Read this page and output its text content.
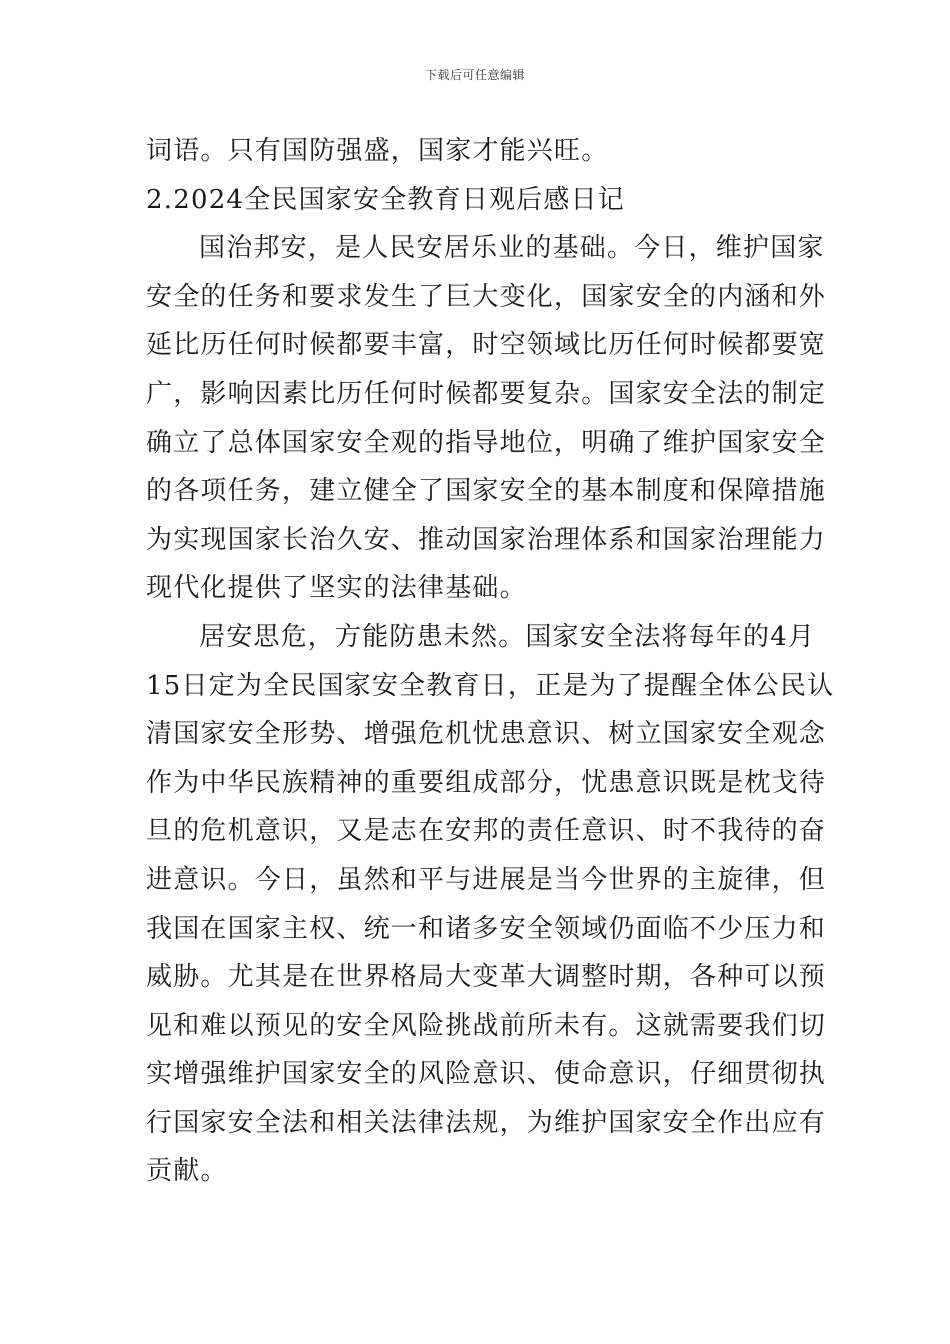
下载后可任意编辑
词语。只有国防强盛，国家才能兴旺。
2.2024全民国家安全教育日观后感日记
国治邦安，是人民安居乐业的基础。今日，维护国家
安全的任务和要求发生了巨大变化，国家安全的内涵和外
延比历任何时候都要丰富，时空领域比历任何时候都要宽
广，影响因素比历任何时候都要复杂。国家安全法的制定
确立了总体国家安全观的指导地位，明确了维护国家安全
的各项任务，建立健全了国家安全的基本制度和保障措施
为实现国家长治久安、推动国家治理体系和国家治理能力
现代化提供了坚实的法律基础。
居安思危，方能防患未然。国家安全法将每年的4月
15日定为全民国家安全教育日，正是为了提醒全体公民认
清国家安全形势、增强危机忧患意识、树立国家安全观念
作为中华民族精神的重要组成部分，忧患意识既是枕戈待
旦的危机意识，又是志在安邦的责任意识、时不我待的奋
进意识。今日，虽然和平与进展是当今世界的主旋律，但
我国在国家主权、统一和诸多安全领域仍面临不少压力和
威胁。尤其是在世界格局大变革大调整时期，各种可以预
见和难以预见的安全风险挑战前所未有。这就需要我们切
实增强维护国家安全的风险意识、使命意识，仔细贯彻执
行国家安全法和相关法律法规，为维护国家安全作出应有
贡献。
